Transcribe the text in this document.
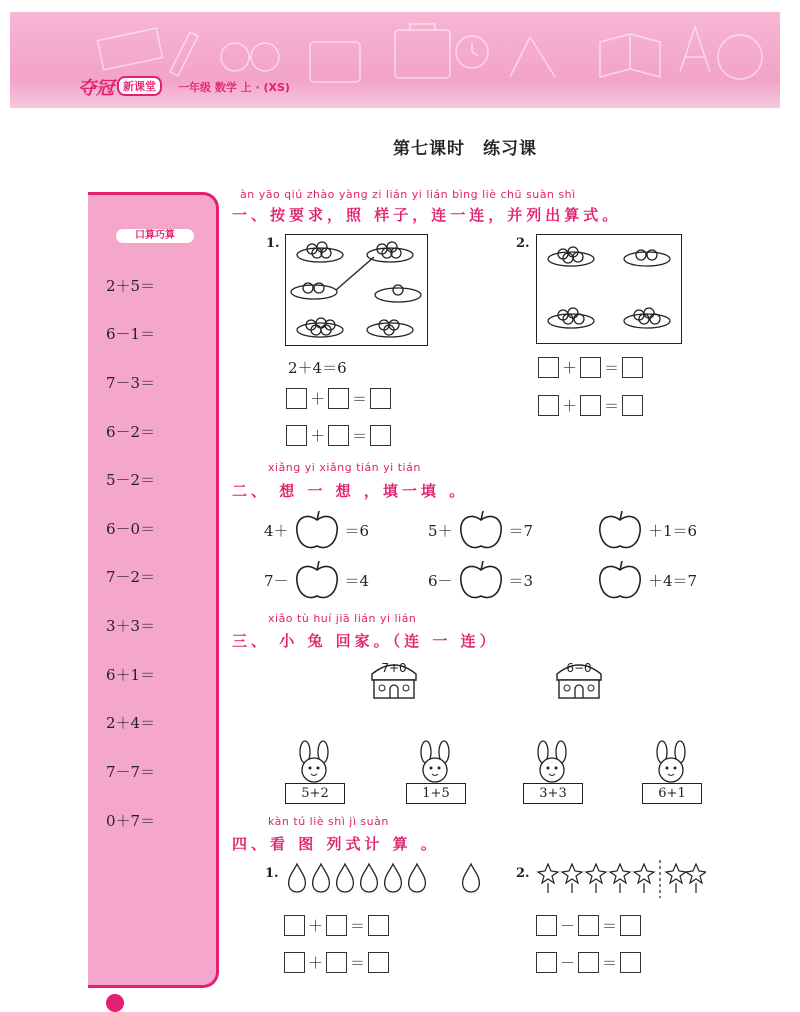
夺冠 新课堂	一年级 数学 上 · (XS)
第七课时　练习课
口算巧算
2＋5＝
6－1＝
7－3＝
6－2＝
5－2＝
6－0＝
7－2＝
3＋3＝
6＋1＝
2＋4＝
7－7＝
0＋7＝
àn yāo qiú zhào yàng zi lián yi lián bìng liè chū suàn shì
一、按要求，照 样子，连一连，并列出算式。
1.
2＋4＝6
＋ ＝
＋ ＝
2.
＋ ＝
＋ ＝
xiǎng yi xiǎng tián yi tián
二、 想 一 想 ，填一填 。
4＋	＝6	5＋	＝7	＋1＝6
7－	＝4	6－	＝3	＋4＝7
xiǎo tù huí jiā lián yi lián
三、 小 兔 回家。（连 一 连）
7+0	6−0
5+2	1+5	3+3	6+1
kàn tú liè shì jì suàn
四、看 图 列式计 算 。
1.
＋ ＝
＋ ＝
2.
－ ＝
－ ＝
